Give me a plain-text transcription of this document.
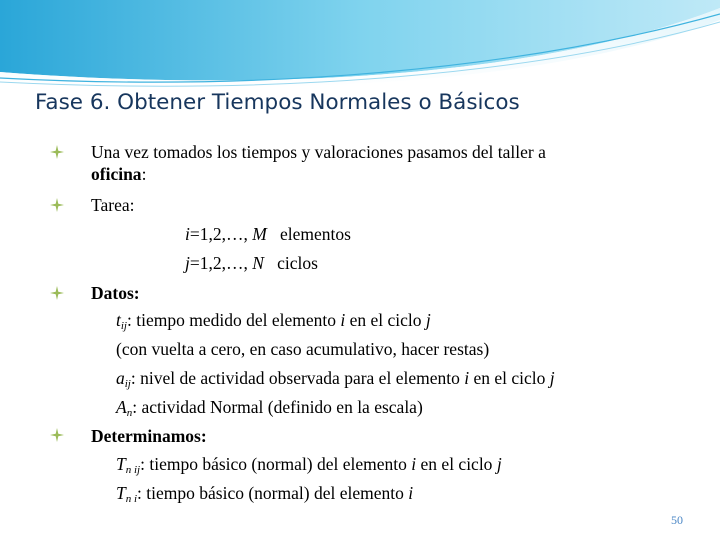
Fase 6. Obtener Tiempos Normales o Básicos
Una vez tomados los tiempos y valoraciones pasamos del taller a
oficina:
Tarea:
i=1,2,…, M elementos
j=1,2,…, N ciclos
Datos:
$t_{ij}$: tiempo medido del elemento i en el ciclo j
(con vuelta a cero, en caso acumulativo, hacer restas)
$a_{ij}$: nivel de actividad observada para el elemento i en el ciclo j
$A_n$: actividad Normal (definido en la escala)
Determinamos:
$T_{n ij}$: tiempo básico (normal) del elemento i en el ciclo j
$T_{n i}$: tiempo básico (normal) del elemento i
50
